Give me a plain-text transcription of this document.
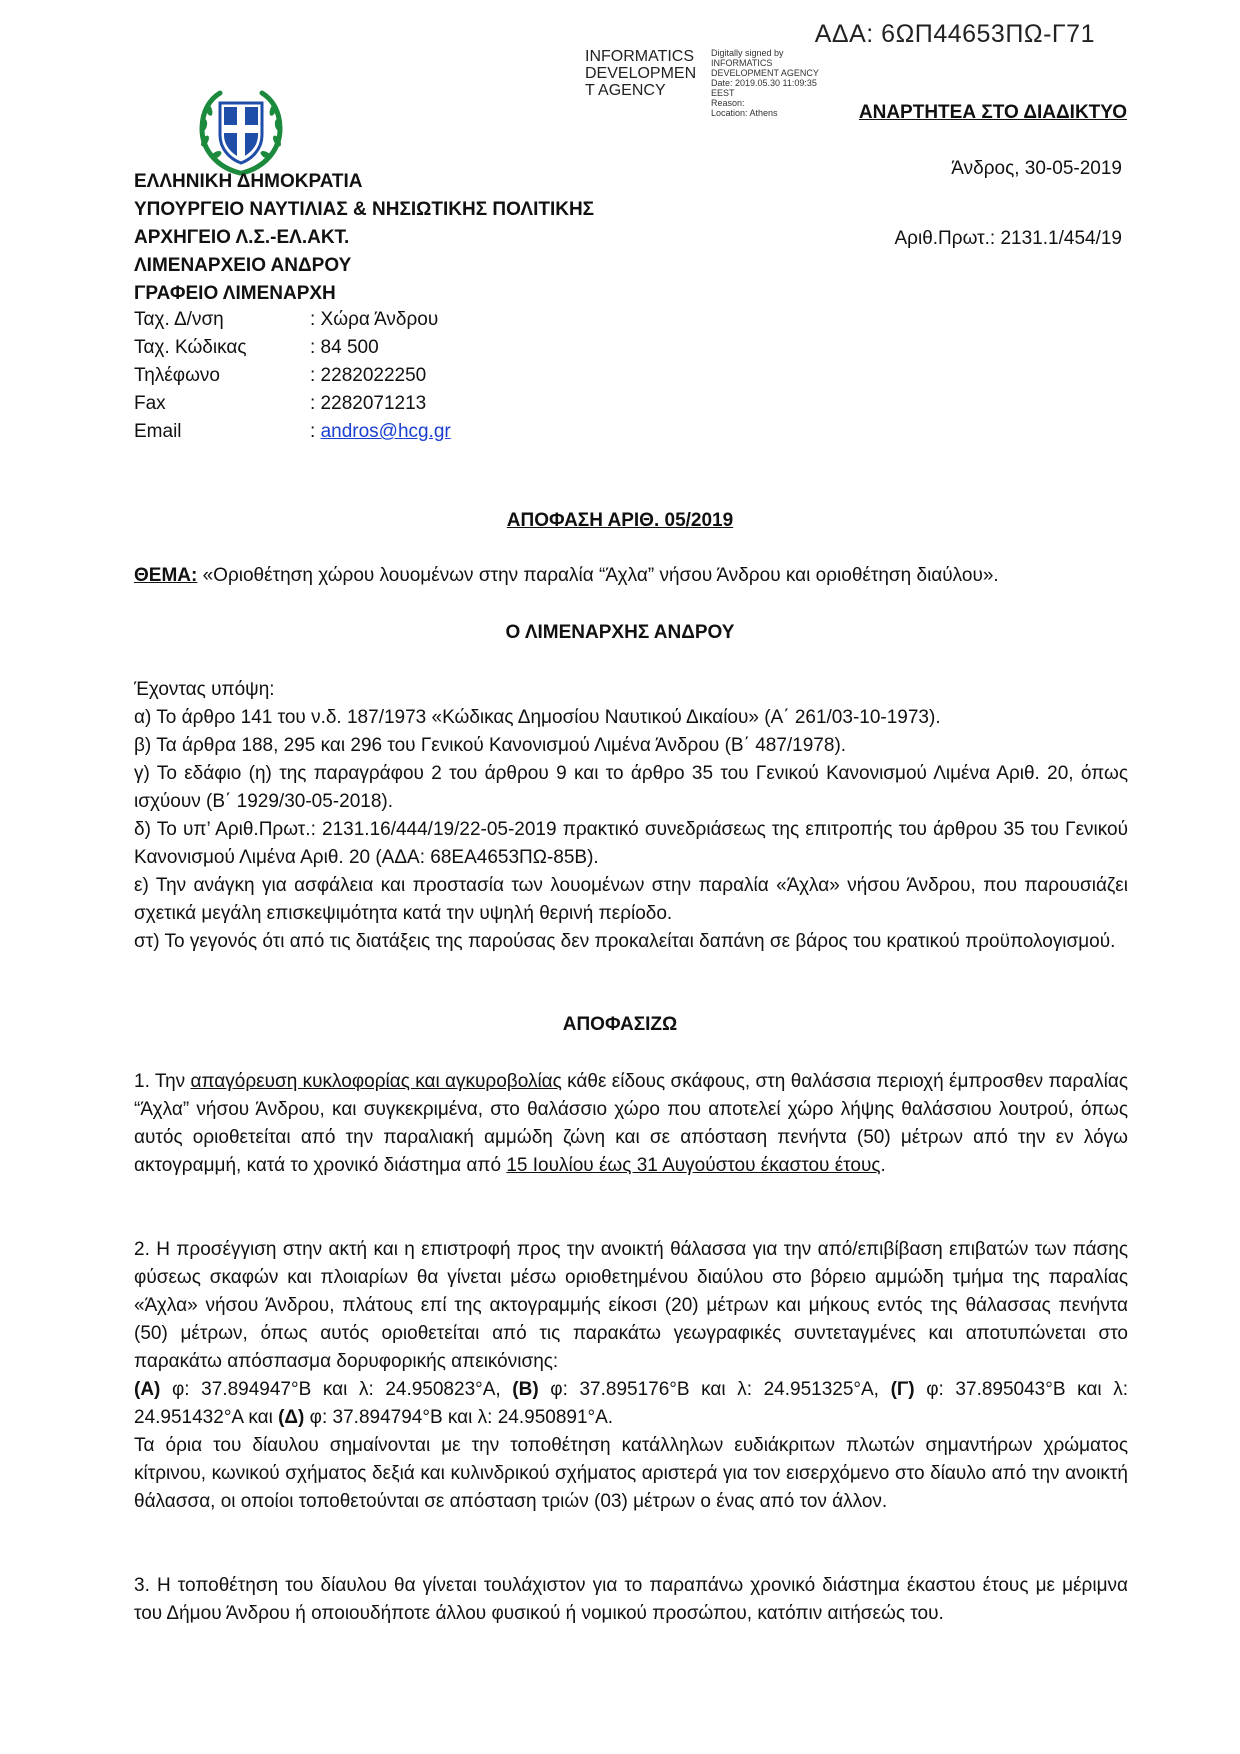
ΑΔΑ: 6ΩΠ44653ΠΩ-Γ71
INFORMATICS DEVELOPMEN T AGENCY
Digitally signed by
INFORMATICS
DEVELOPMENT AGENCY
Date: 2019.05.30 11:09:35
EEST
Reason:
Location: Athens	ΑΝΑΡΤΗΤΕΑ ΣΤΟ ΔΙΑΔΙΚΤΥΟ
Άνδρος, 30-05-2019
Αριθ.Πρωτ.: 2131.1/454/19
ΕΛΛΗΝΙΚΗ ΔΗΜΟΚΡΑΤΙΑ
ΥΠΟΥΡΓΕΙΟ ΝΑΥΤΙΛΙΑΣ & ΝΗΣΙΩΤΙΚΗΣ ΠΟΛΙΤΙΚΗΣ
ΑΡΧΗΓΕΙΟ Λ.Σ.-ΕΛ.ΑΚΤ.
ΛΙΜΕΝΑΡΧΕΙΟ ΑΝΔΡΟΥ
ΓΡΑΦΕΙΟ ΛΙΜΕΝΑΡΧΗ
Ταχ. Δ/νση	: Χώρα Άνδρου
Ταχ. Κώδικας	: 84 500
Τηλέφωνο	: 2282022250
Fax	: 2282071213
Email	: andros@hcg.gr
ΑΠΟΦΑΣΗ ΑΡΙΘ. 05/2019
ΘΕΜΑ: «Οριοθέτηση χώρου λουομένων στην παραλία “Άχλα” νήσου Άνδρου και οριοθέτηση διαύλου».
Ο ΛΙΜΕΝΑΡΧΗΣ ΑΝΔΡΟΥ

Έχοντας υπόψη:

α) Το άρθρο 141 του ν.δ. 187/1973 «Κώδικας Δημοσίου Ναυτικού Δικαίου» (Α΄ 261/03-10-1973).

β) Τα άρθρα 188, 295 και 296 του Γενικού Κανονισμού Λιμένα Άνδρου (Β΄ 487/1978).

γ) Το εδάφιο (η) της παραγράφου 2 του άρθρου 9 και το άρθρο 35 του Γενικού Κανονισμού Λιμένα Αριθ. 20, όπως ισχύουν (Β΄ 1929/30-05-2018).

δ) Το υπ’ Αριθ.Πρωτ.: 2131.16/444/19/22-05-2019 πρακτικό συνεδριάσεως της επιτροπής του άρθρου 35 του Γενικού Κανονισμού Λιμένα Αριθ. 20 (ΑΔΑ: 68ΕΑ4653ΠΩ-85Β).

ε) Την ανάγκη για ασφάλεια και προστασία των λουομένων στην παραλία «Άχλα» νήσου Άνδρου, που παρουσιάζει σχετικά μεγάλη επισκεψιμότητα κατά την υψηλή θερινή περίοδο.

στ) Το γεγονός ότι από τις διατάξεις της παρούσας δεν προκαλείται δαπάνη σε βάρος του κρατικού προϋπολογισμού.

ΑΠΟΦΑΣΙΖΩ

1. Την απαγόρευση κυκλοφορίας και αγκυροβολίας κάθε είδους σκάφους, στη θαλάσσια περιοχή έμπροσθεν παραλίας “Άχλα” νήσου Άνδρου, και συγκεκριμένα, στο θαλάσσιο χώρο που αποτελεί χώρο λήψης θαλάσσιου λουτρού, όπως αυτός οριοθετείται από την παραλιακή αμμώδη ζώνη και σε απόσταση πενήντα (50) μέτρων από την εν λόγω ακτογραμμή, κατά το χρονικό διάστημα από 15 Ιουλίου έως 31 Αυγούστου έκαστου έτους.

2. Η προσέγγιση στην ακτή και η επιστροφή προς την ανοικτή θάλασσα για την από/επιβίβαση επιβατών των πάσης φύσεως σκαφών και πλοιαρίων θα γίνεται μέσω οριοθετημένου διαύλου στο βόρειο αμμώδη τμήμα της παραλίας «Άχλα» νήσου Άνδρου, πλάτους επί της ακτογραμμής είκοσι (20) μέτρων και μήκους εντός της θάλασσας πενήντα (50) μέτρων, όπως αυτός οριοθετείται από τις παρακάτω γεωγραφικές συντεταγμένες και αποτυπώνεται στο παρακάτω απόσπασμα δορυφορικής απεικόνισης:

(Α) φ: 37.894947°Β και λ: 24.950823°Α, (Β) φ: 37.895176°Β και λ: 24.951325°Α, (Γ) φ: 37.895043°Β και λ: 24.951432°Α και (Δ) φ: 37.894794°Β και λ: 24.950891°Α.

Τα όρια του δίαυλου σημαίνονται με την τοποθέτηση κατάλληλων ευδιάκριτων πλωτών σημαντήρων χρώματος κίτρινου, κωνικού σχήματος δεξιά και κυλινδρικού σχήματος αριστερά για τον εισερχόμενο στο δίαυλο από την ανοικτή θάλασσα, οι οποίοι τοποθετούνται σε απόσταση τριών (03) μέτρων ο ένας από τον άλλον.

3. Η τοποθέτηση του δίαυλου θα γίνεται τουλάχιστον για το παραπάνω χρονικό διάστημα έκαστου έτους με μέριμνα του Δήμου Άνδρου ή οποιουδήποτε άλλου φυσικού ή νομικού προσώπου, κατόπιν αιτήσεώς του.
